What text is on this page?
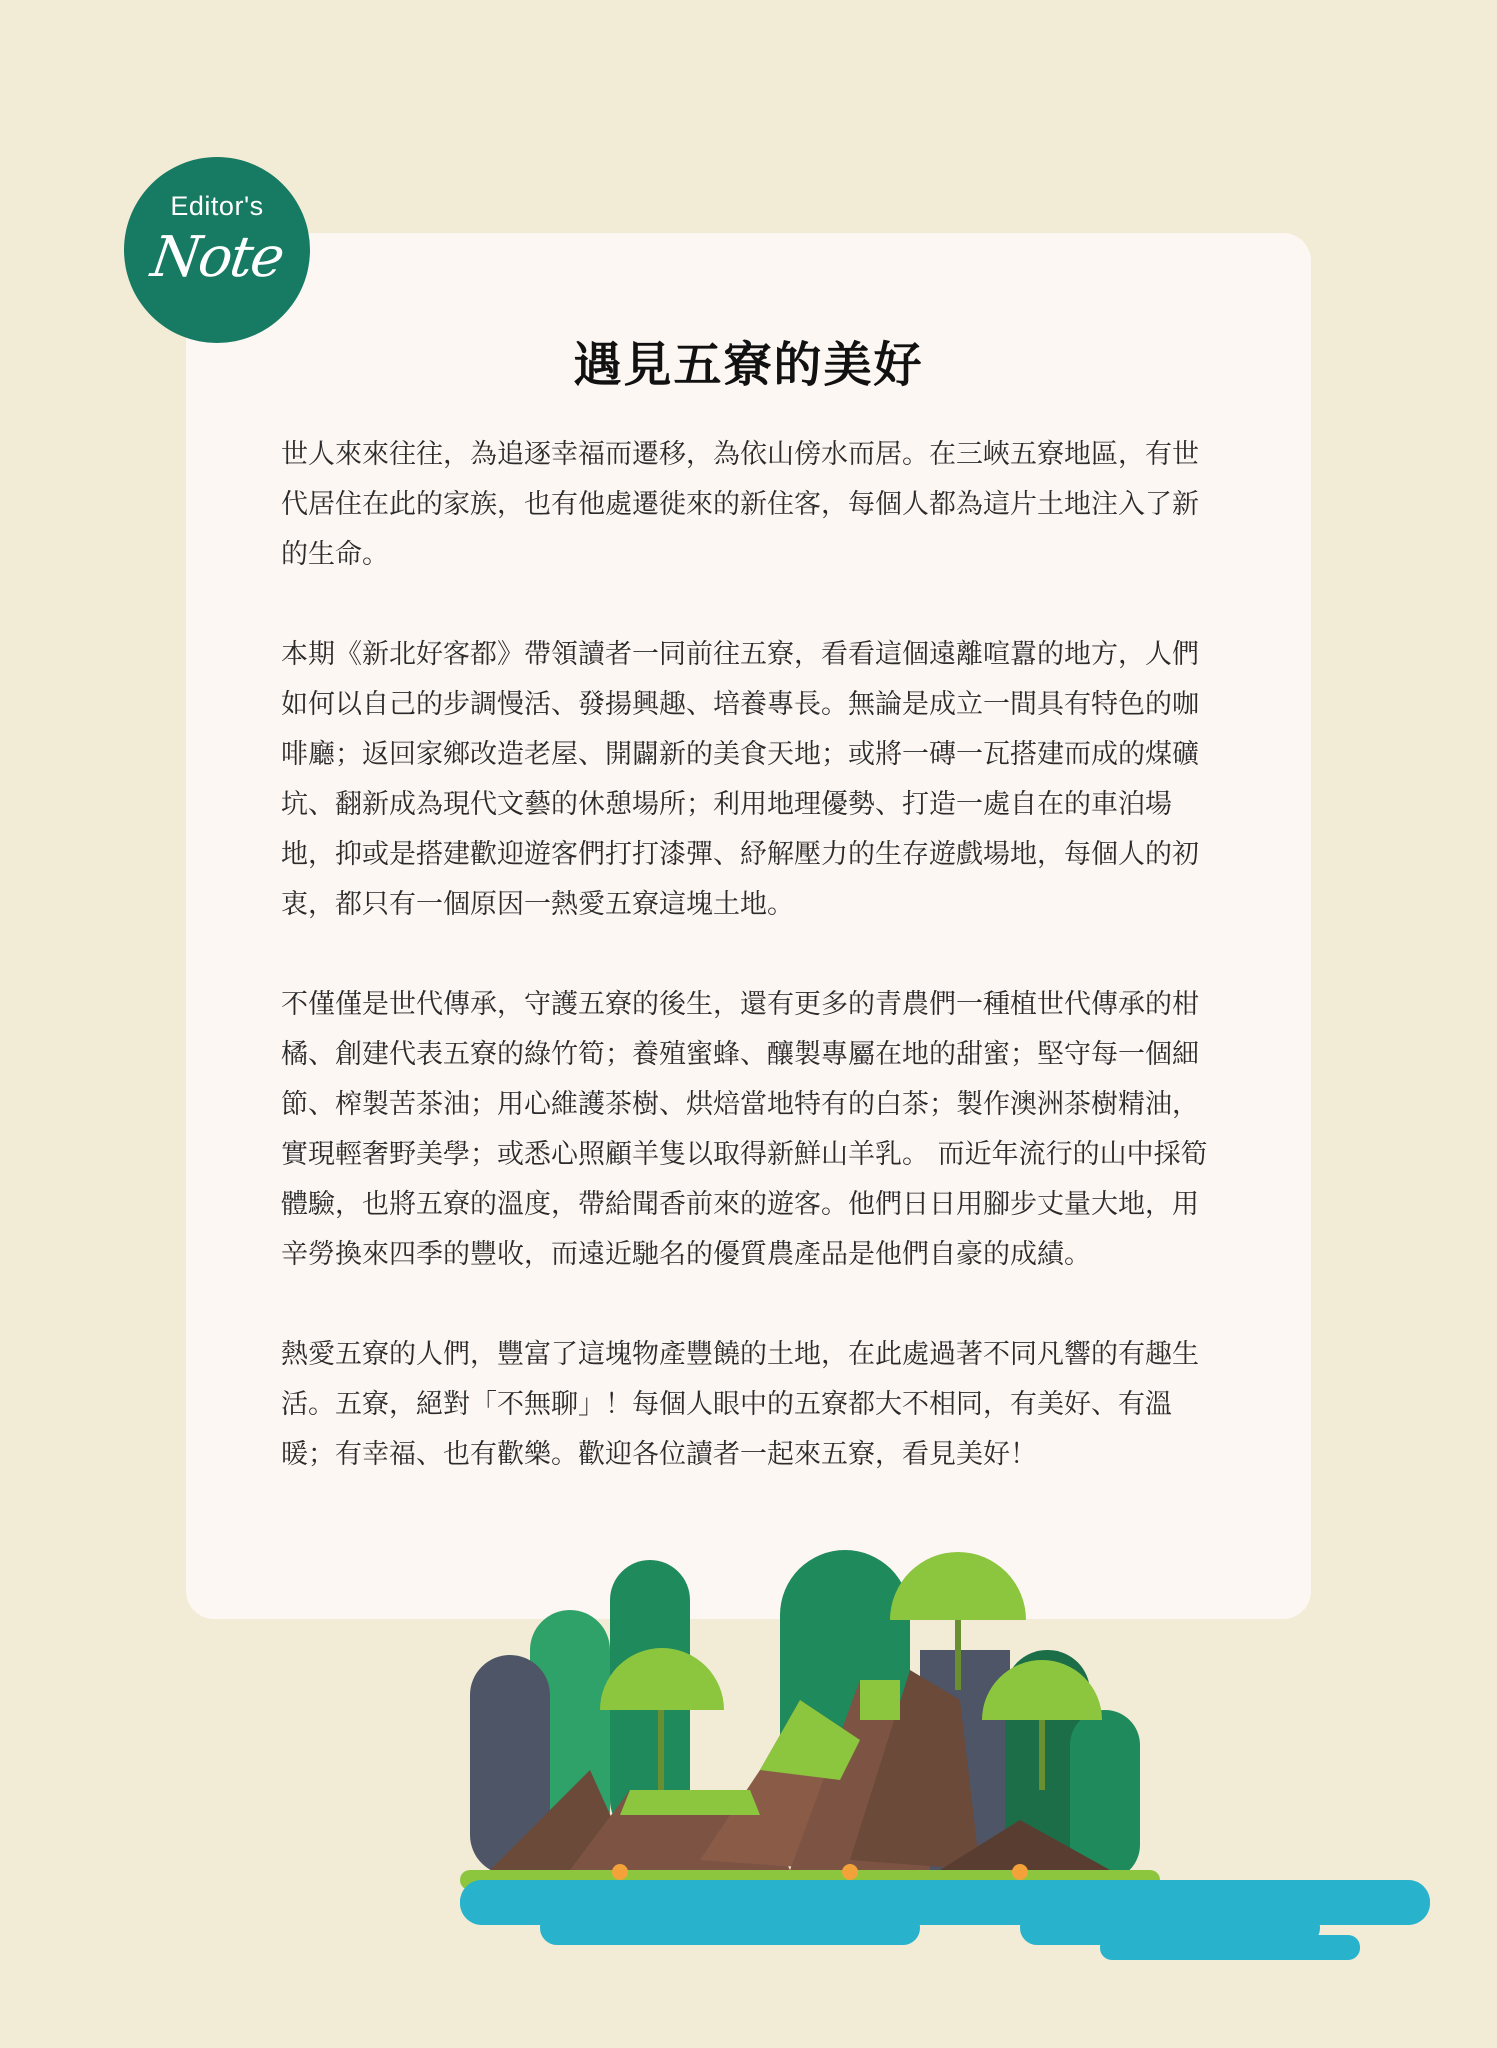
Editor's
Note
遇見五寮的美好

世人來來往往，為追逐幸福而遷移，為依山傍水而居。在三峽五寮地區，有世代居住在此的家族，也有他處遷徙來的新住客，每個人都為這片土地注入了新的生命。

本期《新北好客都》帶領讀者一同前往五寮，看看這個遠離喧囂的地方，人們如何以自己的步調慢活、發揚興趣、培養專長。無論是成立一間具有特色的咖啡廳；返回家鄉改造老屋、開闢新的美食天地；或將一磚一瓦搭建而成的煤礦坑、翻新成為現代文藝的休憩場所；利用地理優勢、打造一處自在的車泊場地，抑或是搭建歡迎遊客們打打漆彈、紓解壓力的生存遊戲場地，每個人的初衷，都只有一個原因一熱愛五寮這塊土地。

不僅僅是世代傳承，守護五寮的後生，還有更多的青農們一種植世代傳承的柑橘、創建代表五寮的綠竹筍；養殖蜜蜂、釀製專屬在地的甜蜜；堅守每一個細節、榨製苦茶油；用心維護茶樹、烘焙當地特有的白茶；製作澳洲茶樹精油，實現輕奢野美學；或悉心照顧羊隻以取得新鮮山羊乳。 而近年流行的山中採筍體驗，也將五寮的溫度，帶給聞香前來的遊客。他們日日用腳步丈量大地，用辛勞換來四季的豐收，而遠近馳名的優質農產品是他們自豪的成績。

熱愛五寮的人們，豐富了這塊物產豐饒的土地，在此處過著不同凡響的有趣生活。五寮，絕對「不無聊」！每個人眼中的五寮都大不相同，有美好、有溫暖；有幸福、也有歡樂。歡迎各位讀者一起來五寮，看見美好！
